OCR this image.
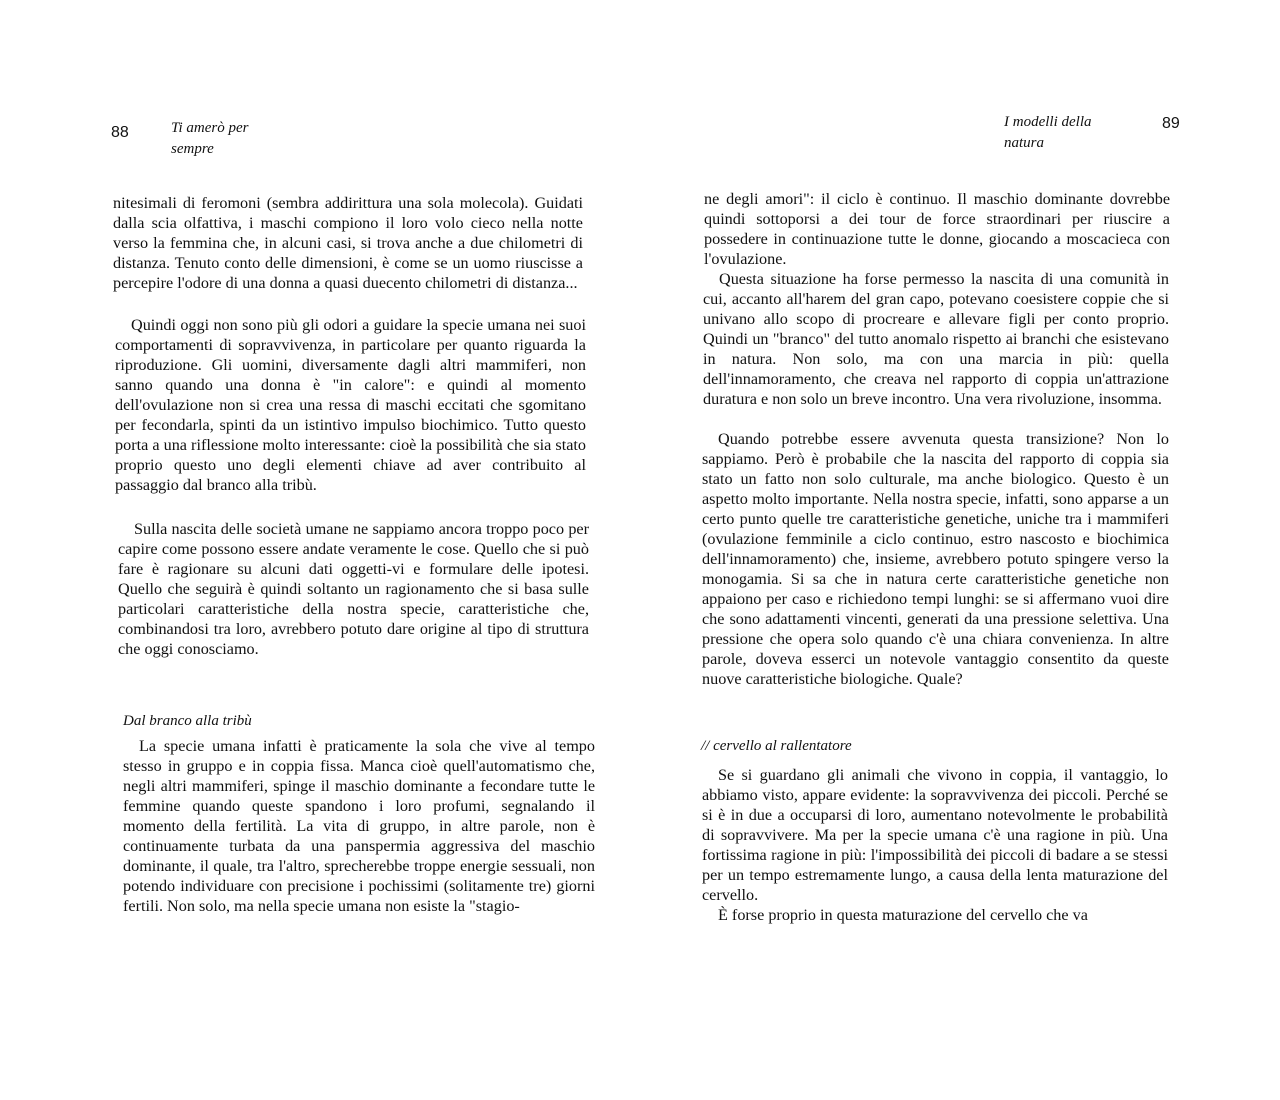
88	Ti amerò per sempre

nitesimali di feromoni (sembra addirittura una sola molecola). Guidati dalla scia olfattiva, i maschi compiono il loro volo cieco nella notte verso la femmina che, in alcuni casi, si trova anche a due chilometri di distanza. Tenuto conto delle dimensioni, è come se un uomo riuscisse a percepire l'odore di una donna a quasi duecento chilometri di distanza...

Quindi oggi non sono più gli odori a guidare la specie umana nei suoi comportamenti di sopravvivenza, in particolare per quanto riguarda la riproduzione. Gli uomini, diversamente dagli altri mammiferi, non sanno quando una donna è "in calore": e quindi al momento dell'ovulazione non si crea una ressa di maschi eccitati che sgomitano per fecondarla, spinti da un istintivo impulso biochimico. Tutto questo porta a una riflessione molto interessante: cioè la possibilità che sia stato proprio questo uno degli elementi chiave ad aver contribuito al passaggio dal branco alla tribù.

Sulla nascita delle società umane ne sappiamo ancora troppo poco per capire come possono essere andate veramente le cose. Quello che si può fare è ragionare su alcuni dati oggetti-vi e formulare delle ipotesi. Quello che seguirà è quindi soltanto un ragionamento che si basa sulle particolari caratteristiche della nostra specie, caratteristiche che, combinandosi tra loro, avrebbero potuto dare origine al tipo di struttura che oggi conosciamo.

Dal branco alla tribù

La specie umana infatti è praticamente la sola che vive al tempo stesso in gruppo e in coppia fissa. Manca cioè quell'automatismo che, negli altri mammiferi, spinge il maschio dominante a fecondare tutte le femmine quando queste spandono i loro profumi, segnalando il momento della fertilità. La vita di gruppo, in altre parole, non è continuamente turbata da una panspermia aggressiva del maschio dominante, il quale, tra l'altro, sprecherebbe troppe energie sessuali, non potendo individuare con precisione i pochissimi (solitamente tre) giorni fertili. Non solo, ma nella specie umana non esiste la "stagio-

I modelli della natura
89

ne degli amori": il ciclo è continuo. Il maschio dominante dovrebbe quindi sottoporsi a dei tour de force straordinari per riuscire a possedere in continuazione tutte le donne, giocando a moscacieca con l'ovulazione.

Questa situazione ha forse permesso la nascita di una comunità in cui, accanto all'harem del gran capo, potevano coesistere coppie che si univano allo scopo di procreare e allevare figli per conto proprio. Quindi un "branco" del tutto anomalo rispetto ai branchi che esistevano in natura. Non solo, ma con una marcia in più: quella dell'innamoramento, che creava nel rapporto di coppia un'attrazione duratura e non solo un breve incontro. Una vera rivoluzione, insomma.

Quando potrebbe essere avvenuta questa transizione? Non lo sappiamo. Però è probabile che la nascita del rapporto di coppia sia stato un fatto non solo culturale, ma anche biologico. Questo è un aspetto molto importante. Nella nostra specie, infatti, sono apparse a un certo punto quelle tre caratteristiche genetiche, uniche tra i mammiferi (ovulazione femminile a ciclo continuo, estro nascosto e biochimica dell'innamoramento) che, insieme, avrebbero potuto spingere verso la monogamia. Si sa che in natura certe caratteristiche genetiche non appaiono per caso e richiedono tempi lunghi: se si affermano vuoi dire che sono adattamenti vincenti, generati da una pressione selettiva. Una pressione che opera solo quando c'è una chiara convenienza. In altre parole, doveva esserci un notevole vantaggio consentito da queste nuove caratteristiche biologiche. Quale?

// cervello al rallentatore

Se si guardano gli animali che vivono in coppia, il vantaggio, lo abbiamo visto, appare evidente: la sopravvivenza dei piccoli. Perché se si è in due a occuparsi di loro, aumentano notevolmente le probabilità di sopravvivere. Ma per la specie umana c'è una ragione in più. Una fortissima ragione in più: l'impossibilità dei piccoli di badare a se stessi per un tempo estremamente lungo, a causa della lenta maturazione del cervello.

È forse proprio in questa maturazione del cervello che va
